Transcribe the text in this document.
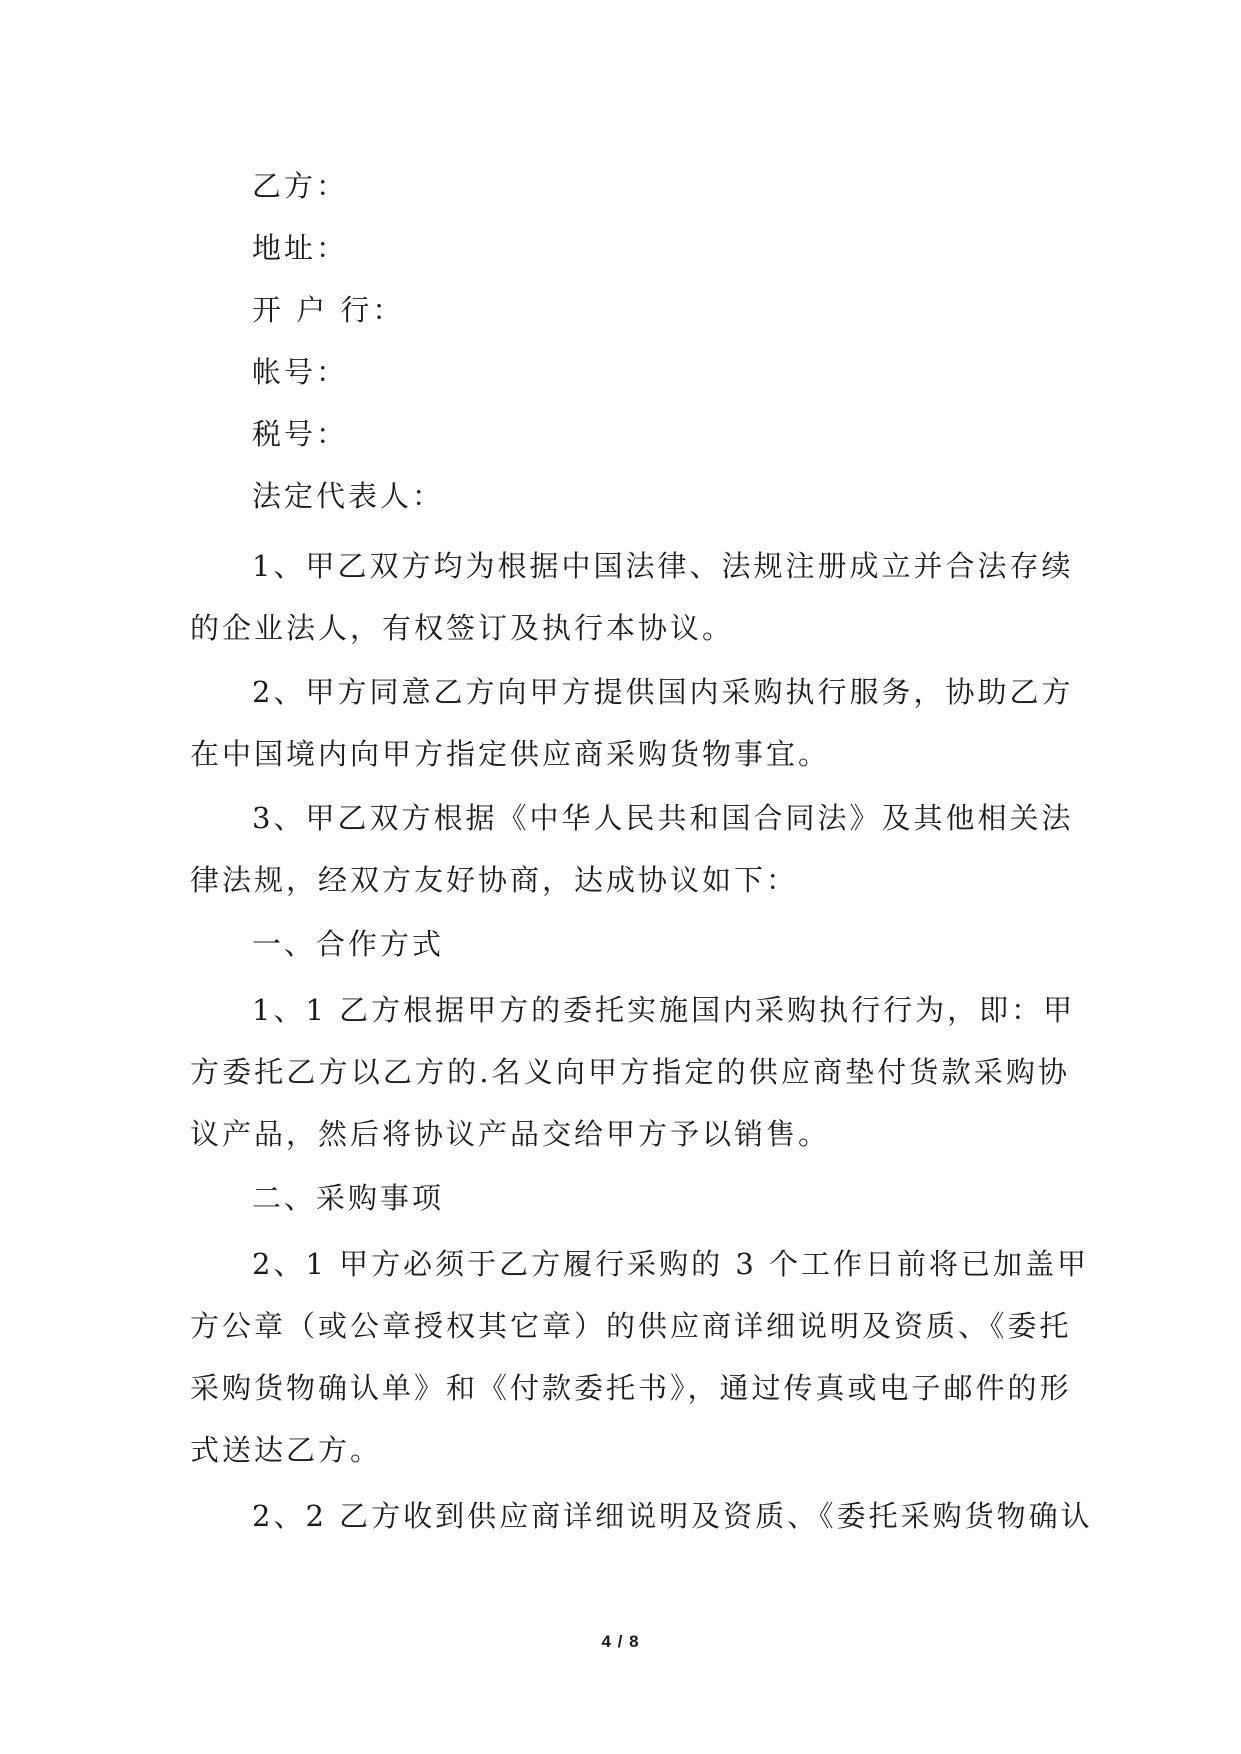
乙方：
地址：
开 户 行：
帐号：
税号：
法定代表人：
1、甲乙双方均为根据中国法律、法规注册成立并合法存续
的企业法人，有权签订及执行本协议。
2、甲方同意乙方向甲方提供国内采购执行服务，协助乙方
在中国境内向甲方指定供应商采购货物事宜。
3、甲乙双方根据《中华人民共和国合同法》及其他相关法
律法规，经双方友好协商，达成协议如下：
一、合作方式
1、1 乙方根据甲方的委托实施国内采购执行行为，即：甲
方委托乙方以乙方的.名义向甲方指定的供应商垫付货款采购协
议产品，然后将协议产品交给甲方予以销售。
二、采购事项
2、1 甲方必须于乙方履行采购的 3 个工作日前将已加盖甲
方公章（或公章授权其它章）的供应商详细说明及资质、《委托
采购货物确认单》和《付款委托书》，通过传真或电子邮件的形
式送达乙方。
2、2 乙方收到供应商详细说明及资质、《委托采购货物确认
4 / 8
